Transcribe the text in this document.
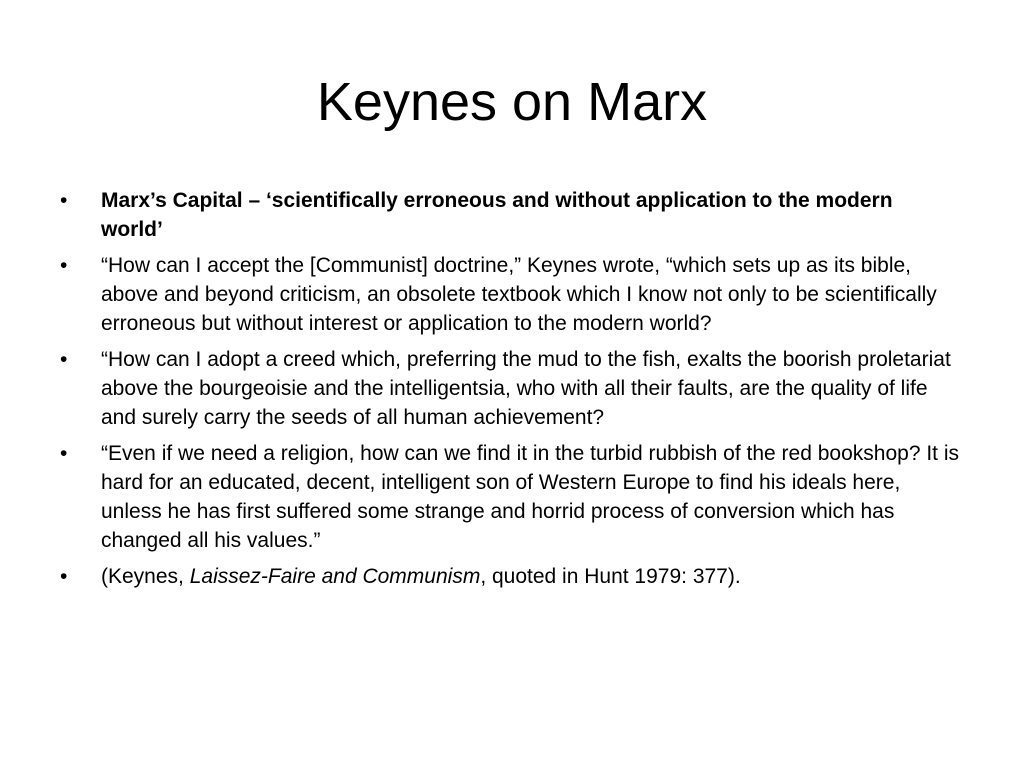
Keynes on Marx
• Marx’s Capital – ‘scientifically erroneous and without application to the modern world’
• “How can I accept the [Communist] doctrine,” Keynes wrote, “which sets up as its bible, above and beyond criticism, an obsolete textbook which I know not only to be scientifically erroneous but without interest or application to the modern world?
• “How can I adopt a creed which, preferring the mud to the fish, exalts the boorish proletariat above the bourgeoisie and the intelligentsia, who with all their faults, are the quality of life and surely carry the seeds of all human achievement?
• “Even if we need a religion, how can we find it in the turbid rubbish of the red bookshop? It is hard for an educated, decent, intelligent son of Western Europe to find his ideals here, unless he has first suffered some strange and horrid process of conversion which has changed all his values.”
• (Keynes, Laissez-Faire and Communism, quoted in Hunt 1979: 377).
